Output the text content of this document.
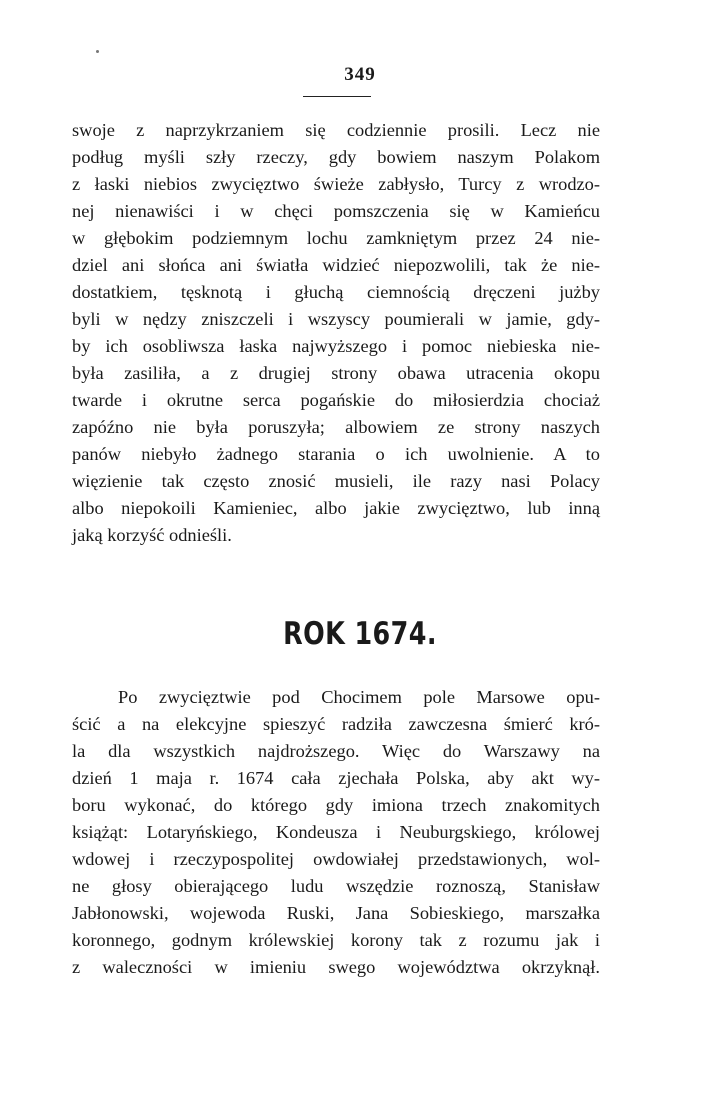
349
swoje z naprzykrzaniem się codziennie prosili. Lecz nie
podług myśli szły rzeczy, gdy bowiem naszym Polakom
z łaski niebios zwycięztwo świeże zabłysło, Turcy z wrodzo-
nej nienawiści i w chęci pomszczenia się w Kamieńcu
w głębokim podziemnym lochu zamkniętym przez 24 nie-
dziel ani słońca ani światła widzieć niepozwolili, tak że nie-
dostatkiem, tęsknotą i głuchą ciemnością dręczeni jużby
byli w nędzy zniszczeli i wszyscy poumierali w jamie, gdy-
by ich osobliwsza łaska najwyższego i pomoc niebieska nie-
była zasiliła, a z drugiej strony obawa utracenia okopu
twarde i okrutne serca pogańskie do miłosierdzia chociaż
zapóźno nie była poruszyła; albowiem ze strony naszych
panów niebyło żadnego starania o ich uwolnienie. A to
więzienie tak często znosić musieli, ile razy nasi Polacy
albo niepokoili Kamieniec, albo jakie zwycięztwo, lub inną
jaką korzyść odnieśli.
ROK 1674.
Po zwycięztwie pod Chocimem pole Marsowe opu-
ścić a na elekcyjne spieszyć radziła zawczesna śmierć kró-
la dla wszystkich najdroższego. Więc do Warszawy na
dzień 1 maja r. 1674 cała zjechała Polska, aby akt wy-
boru wykonać, do którego gdy imiona trzech znakomitych
książąt: Lotaryńskiego, Kondeusza i Neuburgskiego, królowej
wdowej i rzeczypospolitej owdowiałej przedstawionych, wol-
ne głosy obierającego ludu wszędzie roznoszą, Stanisław
Jabłonowski, wojewoda Ruski, Jana Sobieskiego, marszałka
koronnego, godnym królewskiej korony tak z rozumu jak i
z waleczności w imieniu swego województwa okrzyknął.
